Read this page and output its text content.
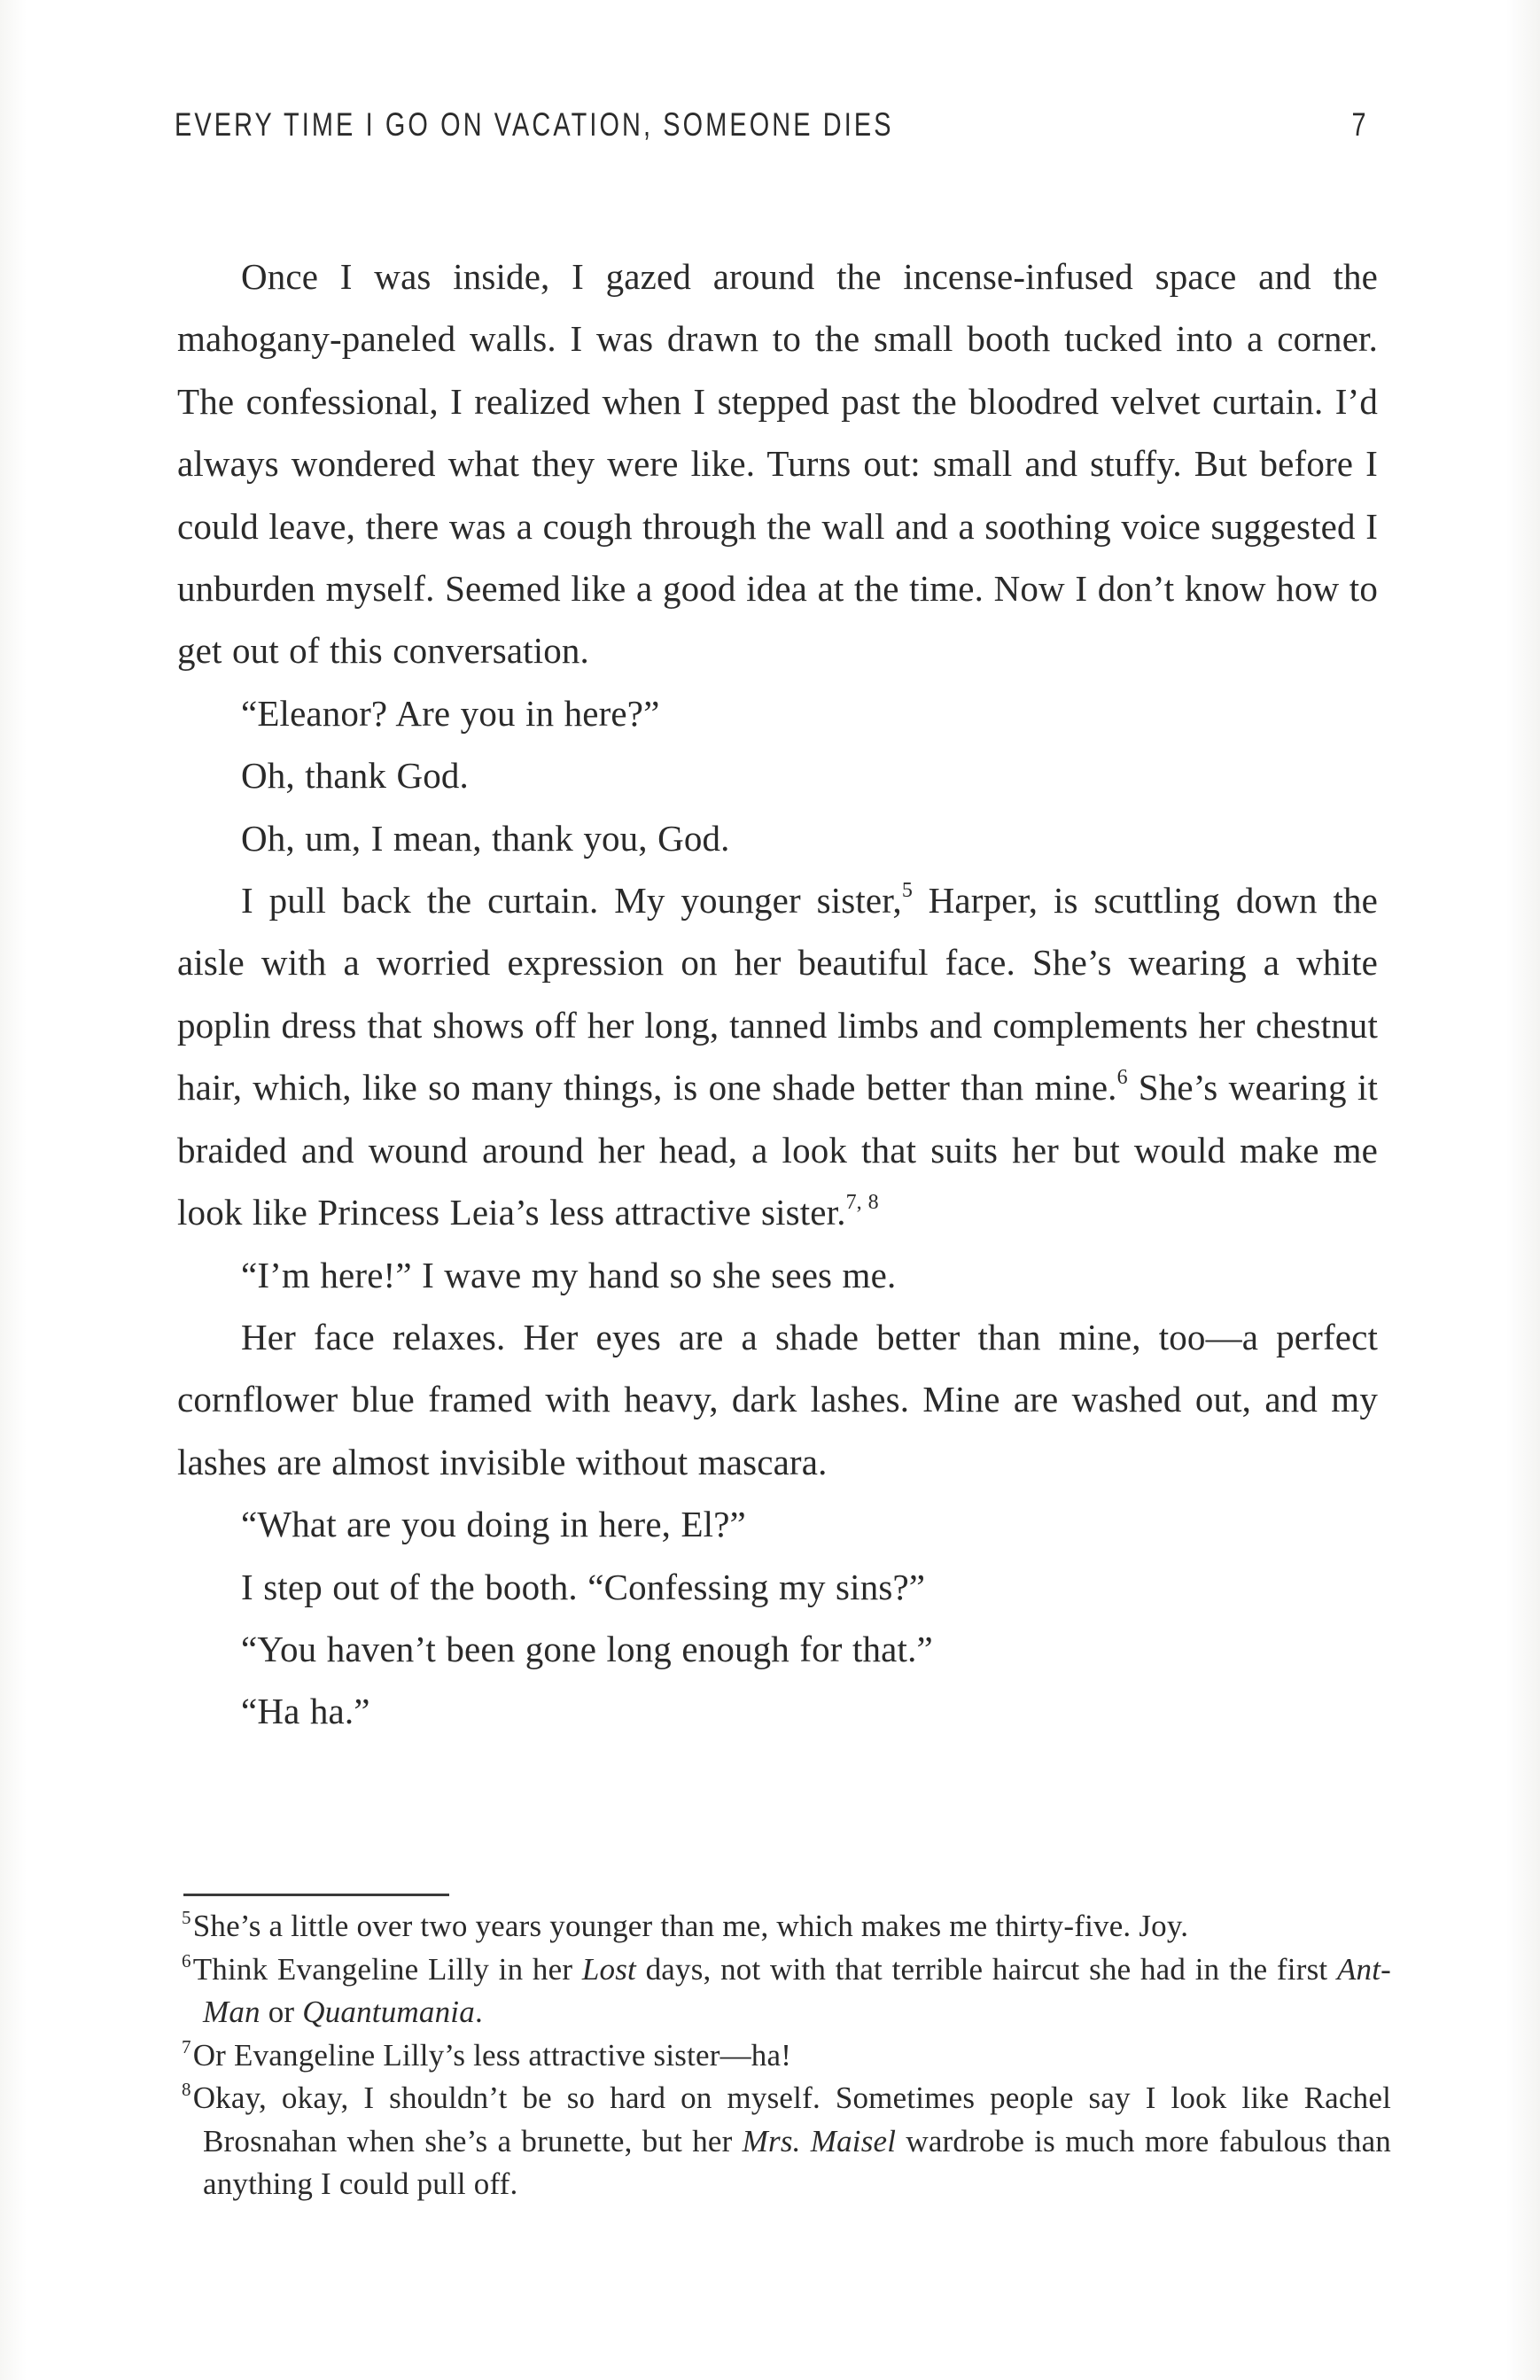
EVERY TIME I GO ON VACATION, SOMEONE DIES	7

Once I was inside, I gazed around the incense-infused space and the mahogany-paneled walls. I was drawn to the small booth tucked into a corner. The confessional, I realized when I stepped past the bloodred velvet curtain. I’d always wondered what they were like. Turns out: small and stuffy. But before I could leave, there was a cough through the wall and a soothing voice suggested I unburden myself. Seemed like a good idea at the time. Now I don’t know how to get out of this conversation.

“Eleanor? Are you in here?”

Oh, thank God.

Oh, um, I mean, thank you, God.

I pull back the curtain. My younger sister,$^5$ Harper, is scuttling down the aisle with a worried expression on her beautiful face. She’s wearing a white poplin dress that shows off her long, tanned limbs and complements her chestnut hair, which, like so many things, is one shade better than mine.$^6$ She’s wearing it braided and wound around her head, a look that suits her but would make me look like Princess Leia’s less attractive sister.$^{7, 8}$

“I’m here!” I wave my hand so she sees me.

Her face relaxes. Her eyes are a shade better than mine, too—a perfect cornflower blue framed with heavy, dark lashes. Mine are washed out, and my lashes are almost invisible without mascara.

“What are you doing in here, El?”

I step out of the booth. “Confessing my sins?”

“You haven’t been gone long enough for that.”

“Ha ha.”

$^5$She’s a little over two years younger than me, which makes me thirty-five. Joy.

$^6$Think Evangeline Lilly in her Lost days, not with that terrible haircut she had in the first Ant-Man or Quantumania.

$^7$Or Evangeline Lilly’s less attractive sister—ha!

$^8$Okay, okay, I shouldn’t be so hard on myself. Sometimes people say I look like Rachel Brosnahan when she’s a brunette, but her Mrs. Maisel wardrobe is much more fabulous than anything I could pull off.
